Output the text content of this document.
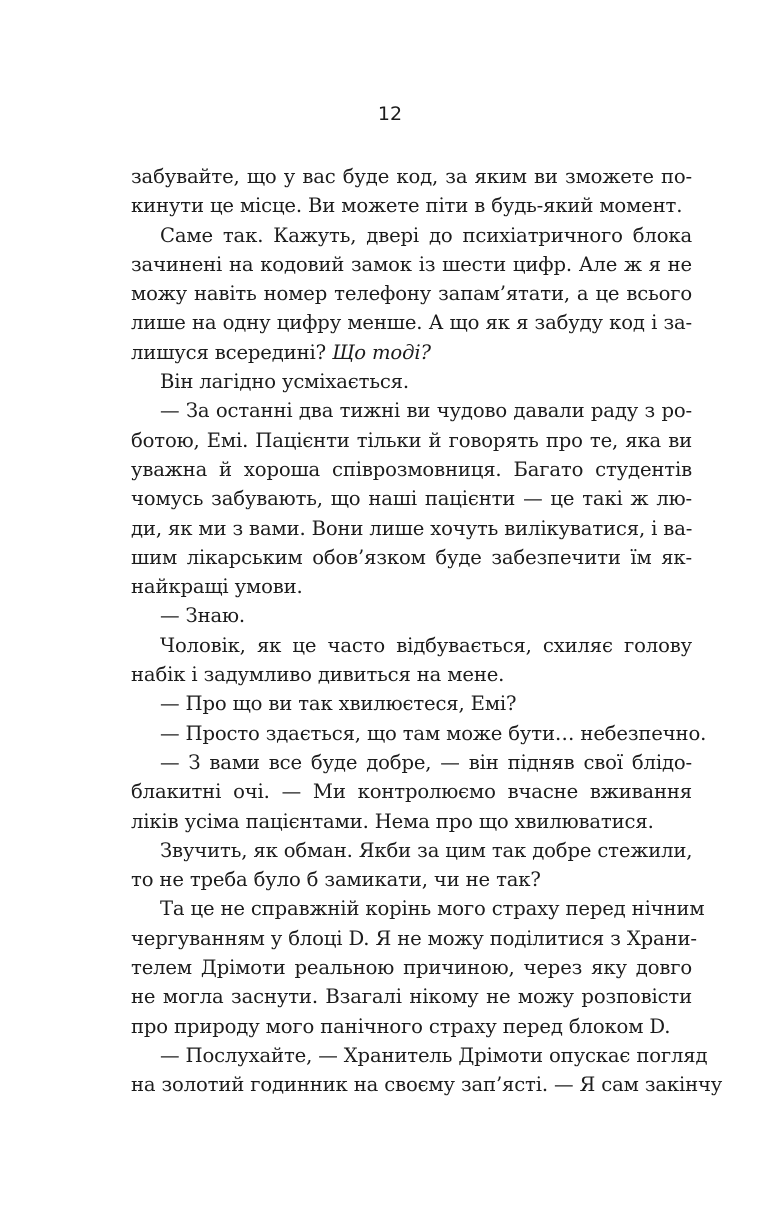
12
забувайте, що у вас буде код, за яким ви зможете по-
кинути це місце. Ви можете піти в будь-який момент.
Саме так. Кажуть, двері до психіатричного блока
зачинені на кодовий замок із шести цифр. Але ж я не
можу навіть номер телефону запам’ятати, а це всього
лише на одну цифру менше. А що як я забуду код і за-
лишуся всередині? Що тоді?
Він лагідно усміхається.
— За останні два тижні ви чудово давали раду з ро-
ботою, Емі. Пацієнти тільки й говорять про те, яка ви
уважна й хороша співрозмовниця. Багато студентів
чомусь забувають, що наші пацієнти — це такі ж лю-
ди, як ми з вами. Вони лише хочуть вилікуватися, і ва-
шим лікарським обов’язком буде забезпечити їм як-
найкращі умови.
— Знаю.
Чоловік, як це часто відбувається, схиляє голову
набік і задумливо дивиться на мене.
— Про що ви так хвилюєтеся, Емі?
— Просто здається, що там може бути… небезпечно.
— З вами все буде добре, — він підняв свої блідо-
блакитні очі. — Ми контролюємо вчасне вживання
ліків усіма пацієнтами. Нема про що хвилюватися.
Звучить, як обман. Якби за цим так добре стежили,
то не треба було б замикати, чи не так?
Та це не справжній корінь мого страху перед нічним
чергуванням у блоці D. Я не можу поділитися з Храни-
телем Дрімоти реальною причиною, через яку довго
не могла заснути. Взагалі нікому не можу розповісти
про природу мого панічного страху перед блоком D.
— Послухайте, — Хранитель Дрімоти опускає погляд
на золотий годинник на своєму зап’ясті. — Я сам закінчу
